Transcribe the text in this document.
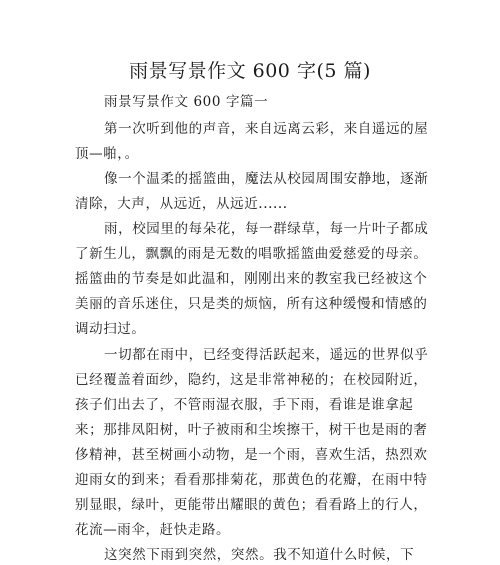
雨景写景作文 600 字(5 篇)
雨景写景作文 600 字篇一
第一次听到他的声音，来自远离云彩，来自遥远的屋
顶—啪，。
像一个温柔的摇篮曲，魔法从校园周围安静地，逐渐
清除，大声，从远近，从远近......
雨，校园里的每朵花，每一群绿草，每一片叶子都成
了新生儿，飘飘的雨是无数的唱歌摇篮曲爱慈爱的母亲。
摇篮曲的节奏是如此温和，刚刚出来的教室我已经被这个
美丽的音乐迷住，只是类的烦恼，所有这种缓慢和情感的
调动扫过。
一切都在雨中，已经变得活跃起来，遥远的世界似乎
已经覆盖着面纱，隐约，这是非常神秘的；在校园附近，
孩子们出去了，不管雨湿衣服，手下雨，看谁是谁拿起
来；那排凤阳树，叶子被雨和尘埃擦干，树干也是雨的奢
侈精神，甚至树画小动物，是一个雨，喜欢生活，热烈欢
迎雨女的到来；看看那排菊花，那黄色的花瓣，在雨中特
别显眼，绿叶，更能带出耀眼的黄色；看看路上的行人，
花流—雨伞，赶快走路。
这突然下雨到突然，突然。我不知道什么时候，下
